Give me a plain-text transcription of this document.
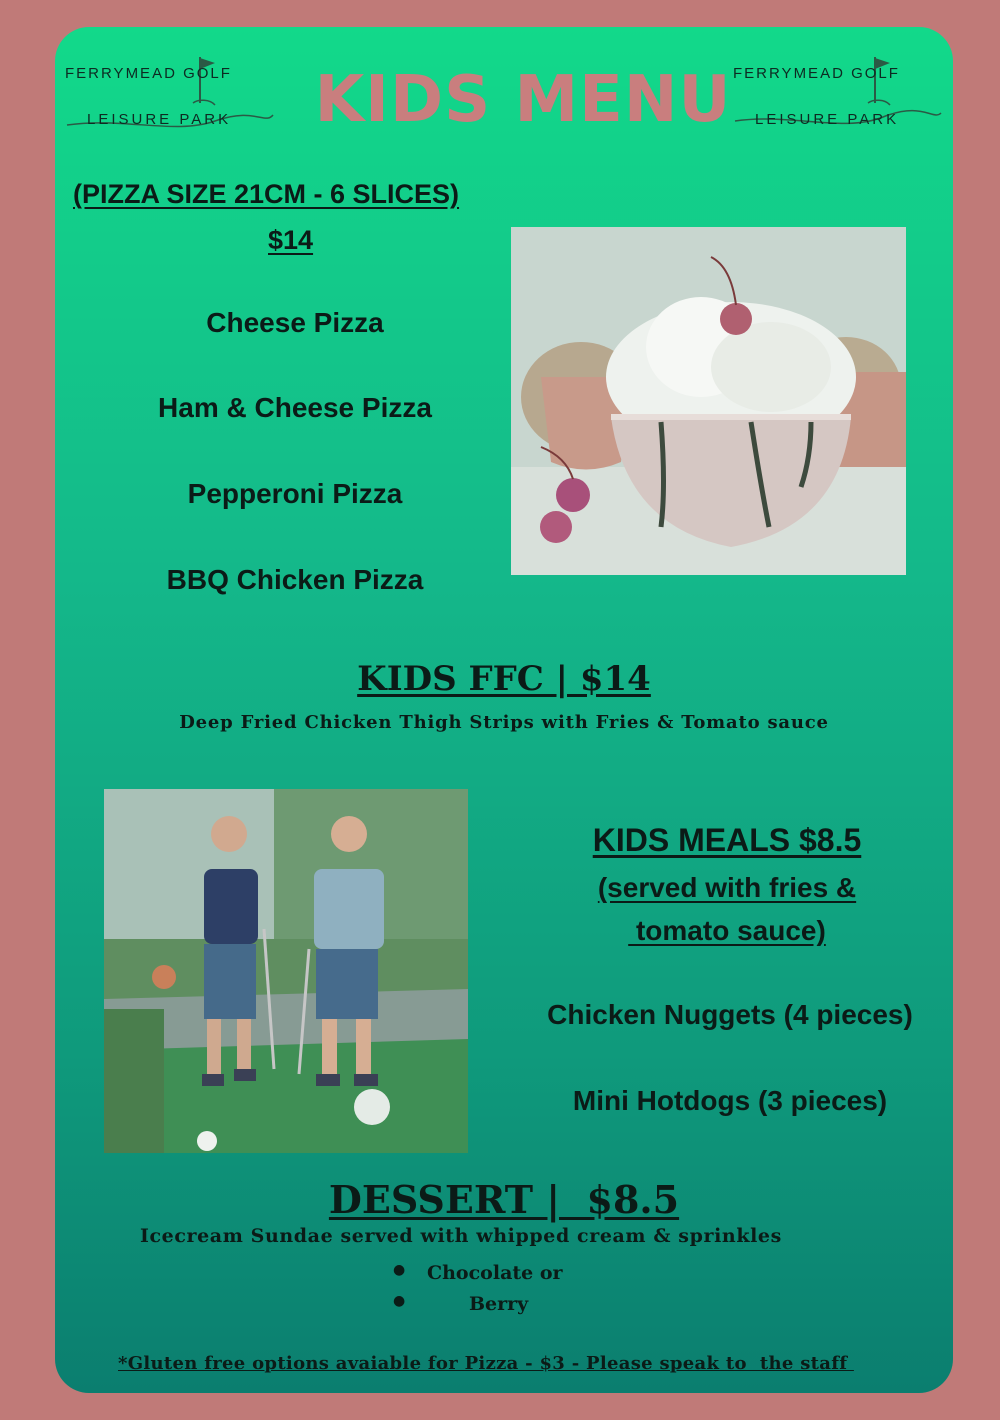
FERRYMEAD GOLF
LEISURE PARK KIDS MENU FERRYMEAD GOLF
LEISURE PARK
(PIZZA SIZE 21CM - 6 SLICES)
$14
Cheese Pizza
Ham & Cheese Pizza
Pepperoni Pizza
BBQ Chicken Pizza
KIDS FFC | $14
Deep Fried Chicken Thigh Strips with Fries & Tomato sauce
KIDS MEALS $8.5
(served with fries &
tomato sauce)
Chicken Nuggets (4 pieces)
Mini Hotdogs (3 pieces)
DESSERT |  $8.5
Icecream Sundae served with whipped cream & sprinkles
● Chocolate or
●	Berry
*Gluten free options avaiable for Pizza - $3 - Please speak to  the staff
